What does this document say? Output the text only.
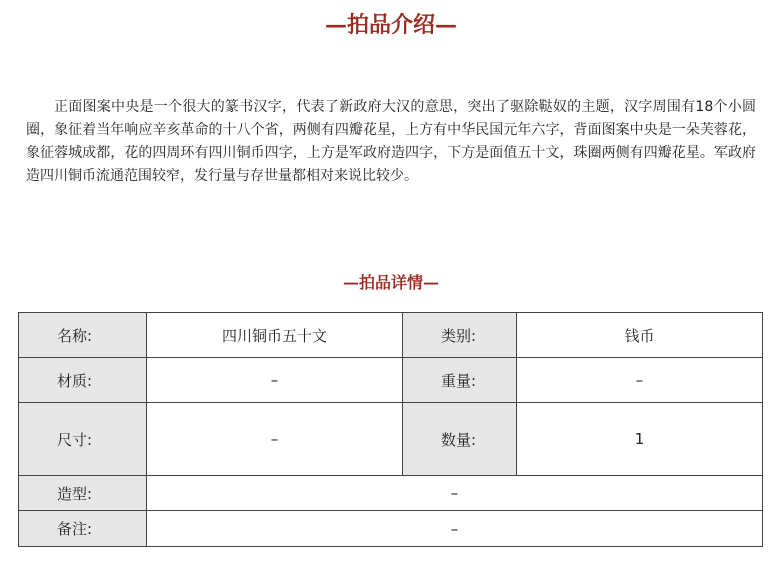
—拍品介绍—

正面图案中央是一个很大的篆书汉字，代表了新政府大汉的意思，突出了驱除鞑奴的主题，汉字周围有18个小圆圈，象征着当年响应辛亥革命的十八个省，两侧有四瓣花星，上方有中华民国元年六字，背面图案中央是一朵芙蓉花，象征蓉城成都，花的四周环有四川铜币四字，上方是军政府造四字，下方是面值五十文，珠圈两侧有四瓣花星。军政府造四川铜币流通范围较窄，发行量与存世量都相对来说比较少。

—拍品详情—
名称:	四川铜币五十文	类别:	钱币
材质:	–	重量:	–
尺寸:	–	数量:	1
造型:	–		
备注:	–		
